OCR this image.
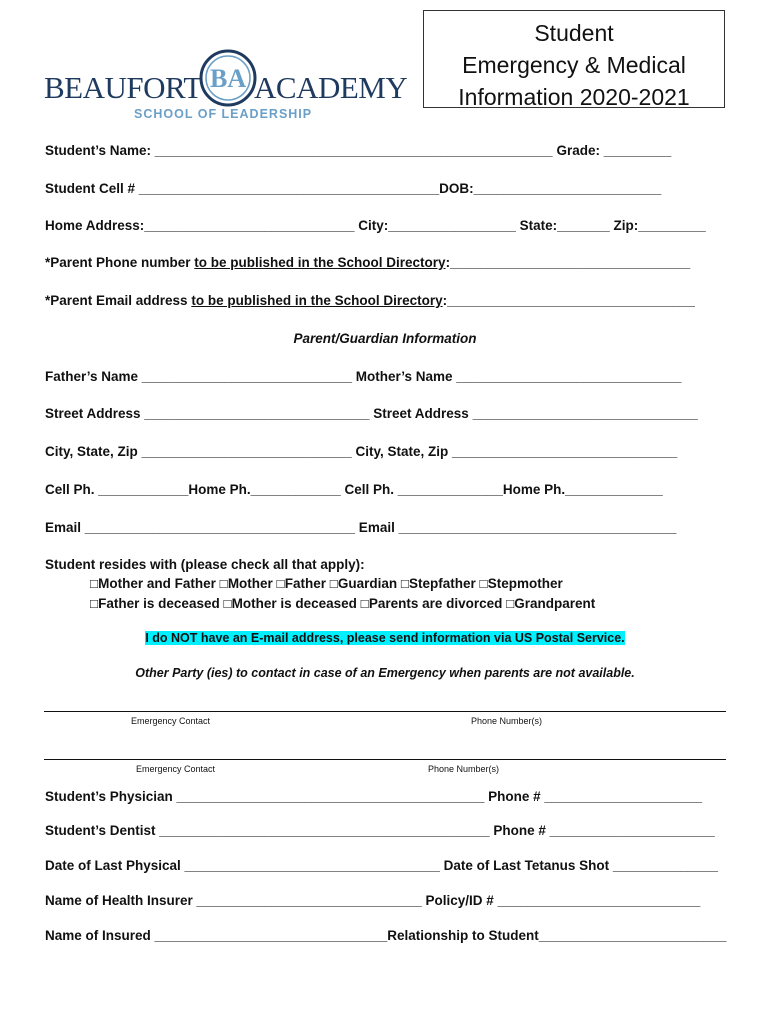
BEAUFORT BA ACADEMY
SCHOOL OF LEADERSHIP
Student
Emergency & Medical
Information 2020-2021
Student’s Name: _____________________________________________________ Grade: _________
Student Cell # ________________________________________DOB:_________________________
Home Address:____________________________ City:_________________ State:_______ Zip:_________
*Parent Phone number to be published in the School Directory:________________________________
*Parent Email address to be published in the School Directory:_________________________________
Parent/Guardian Information
Father’s Name ____________________________ Mother’s Name ______________________________
Street Address ______________________________ Street Address ______________________________
City, State, Zip ____________________________ City, State, Zip ______________________________
Cell Ph. ____________Home Ph.____________ Cell Ph. ______________Home Ph._____________
Email ____________________________________ Email _____________________________________
Student resides with (please check all that apply):
□Mother and Father □Mother □Father □Guardian □Stepfather □Stepmother
□Father is deceased □Mother is deceased □Parents are divorced □Grandparent
I do NOT have an E-mail address, please send information via US Postal Service.
Other Party (ies) to contact in case of an Emergency when parents are not available.
Emergency Contact	Phone Number(s)
Emergency Contact	Phone Number(s)
Student’s Physician _________________________________________ Phone # _____________________
Student’s Dentist ____________________________________________ Phone # ______________________
Date of Last Physical __________________________________ Date of Last Tetanus Shot ______________
Name of Health Insurer ______________________________ Policy/ID # ___________________________
Name of Insured _______________________________Relationship to Student_________________________
